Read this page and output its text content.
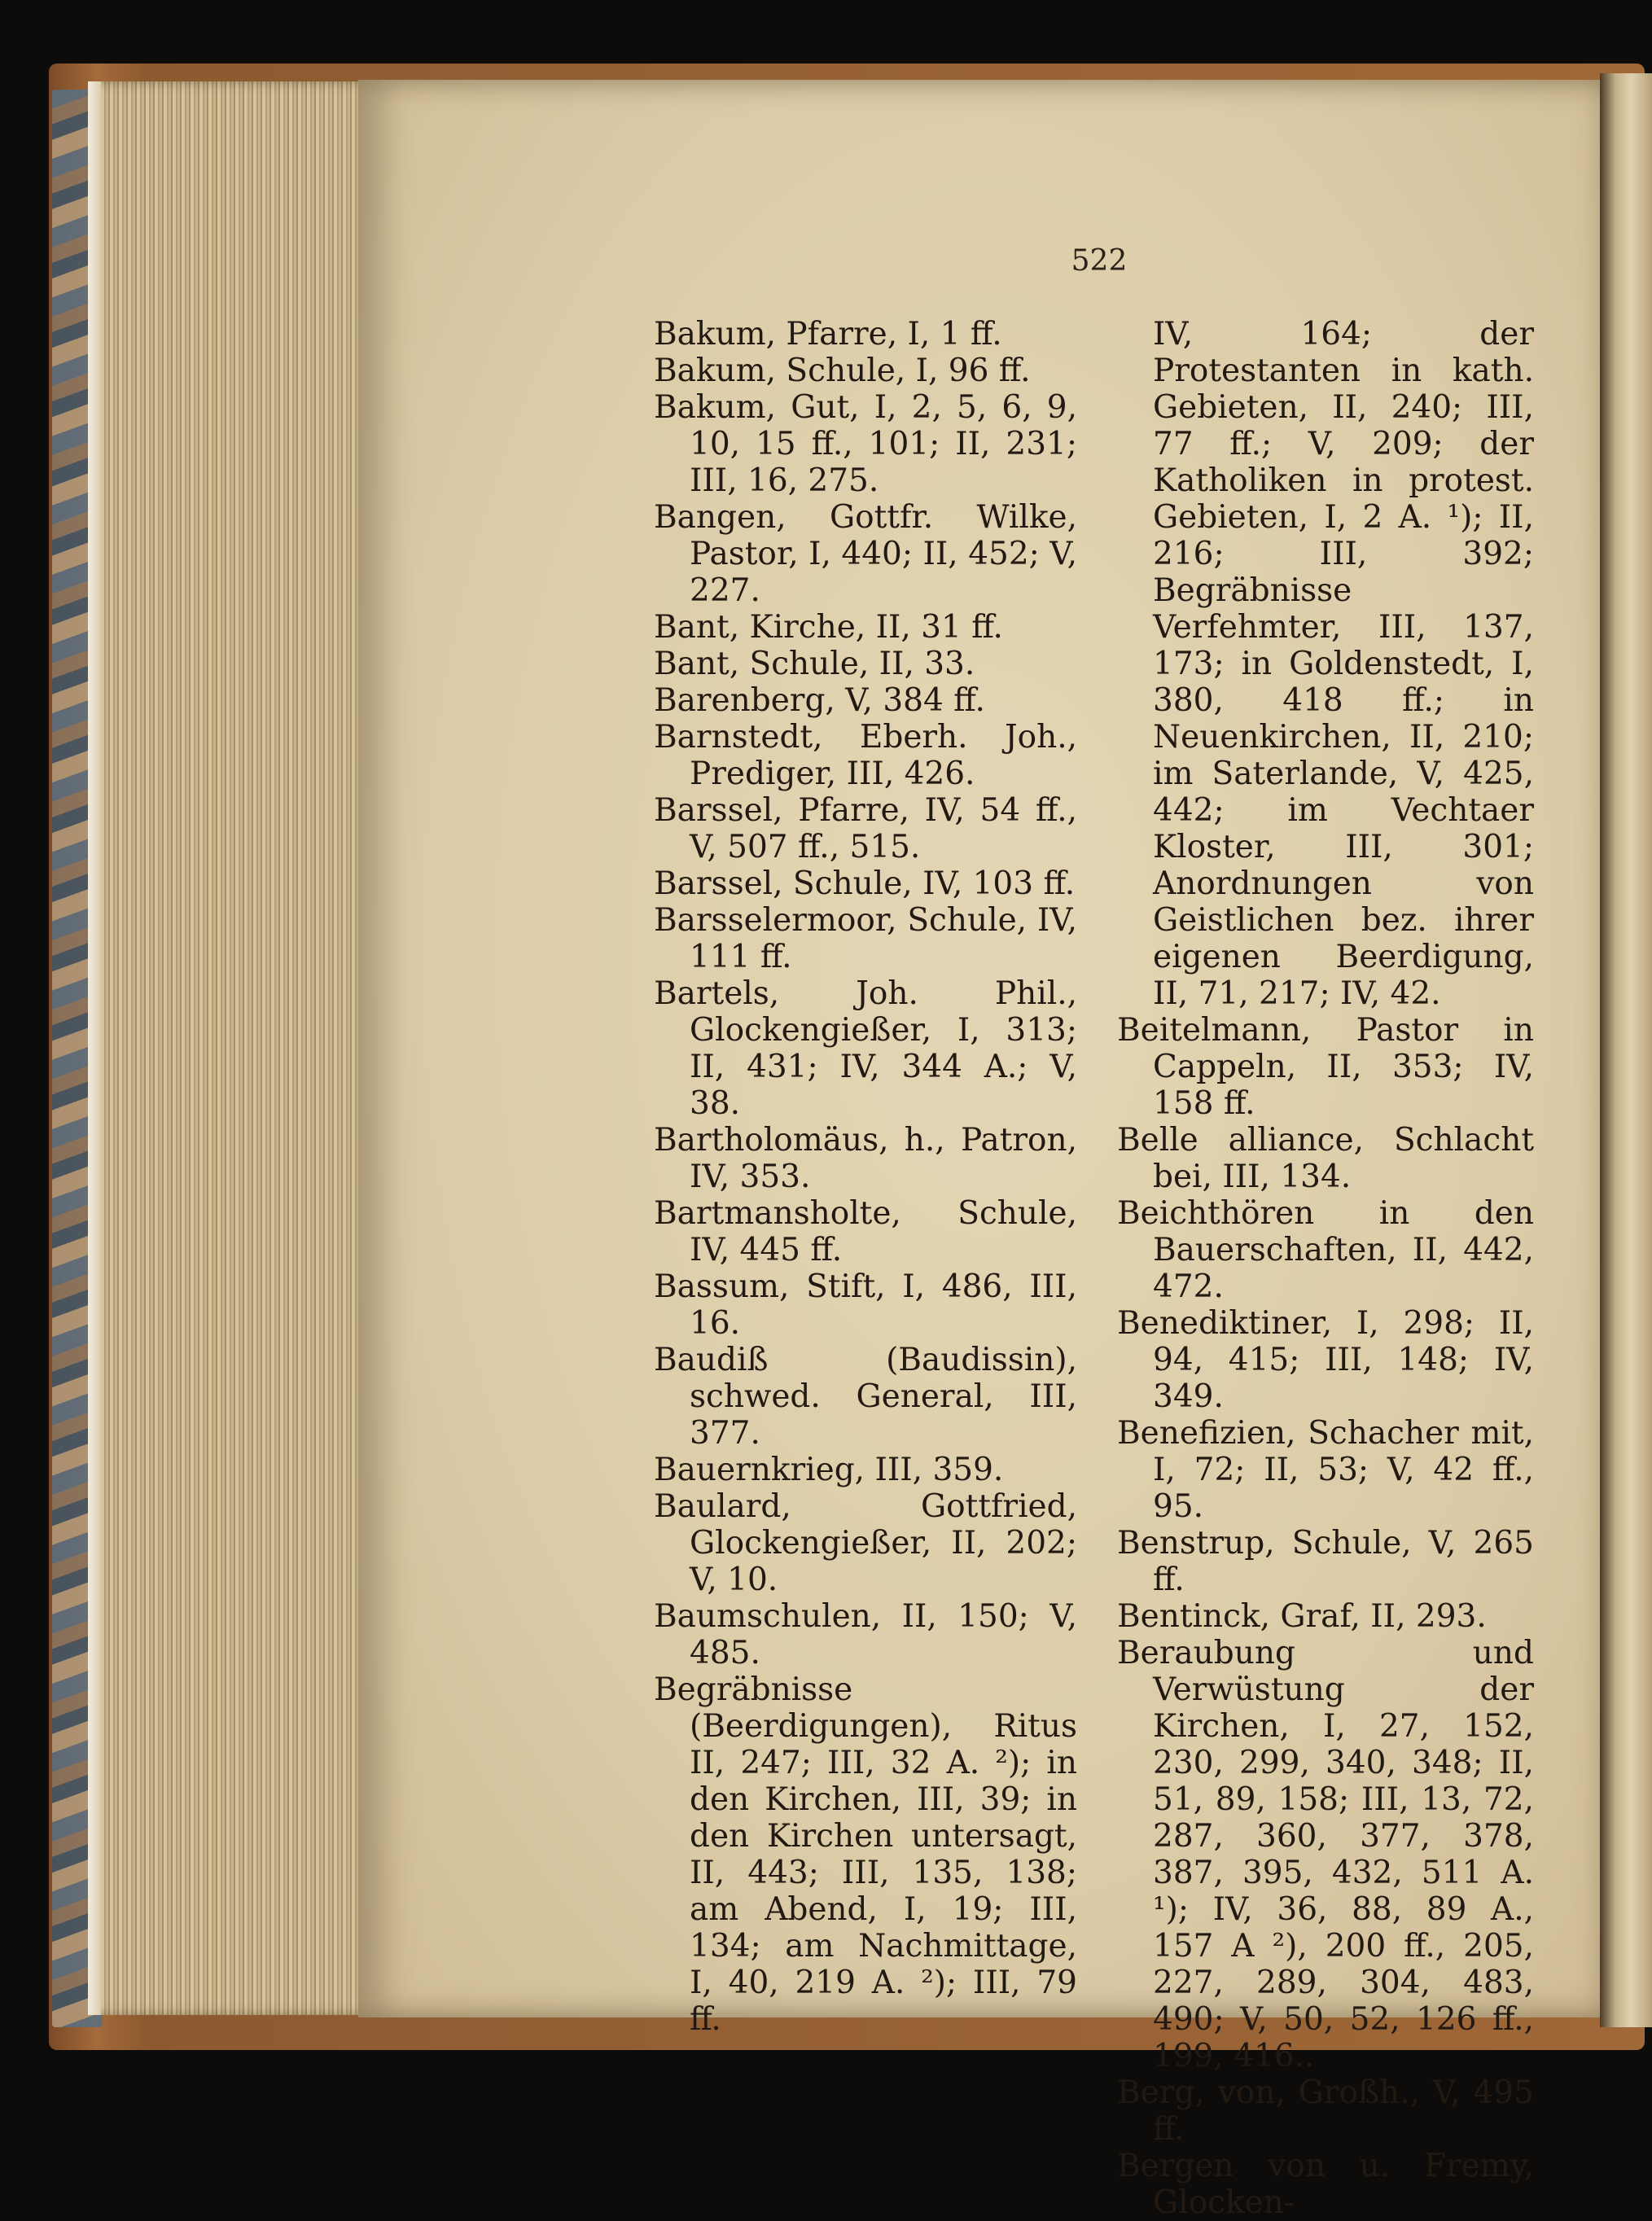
522

Bakum, Pfarre, I, 1 ff.

Bakum, Schule, I, 96 ff.

Bakum, Gut, I, 2, 5, 6, 9, 10, 15 ff., 101; II, 231; III, 16, 275.

Bangen, Gottfr. Wilke, Pastor, I, 440; II, 452; V, 227.

Bant, Kirche, II, 31 ff.

Bant, Schule, II, 33.

Barenberg, V, 384 ff.

Barnstedt, Eberh. Joh., Prediger, III, 426.

Barssel, Pfarre, IV, 54 ff., V, 507 ff., 515.

Barssel, Schule, IV, 103 ff.

Barsselermoor, Schule, IV, 111 ff.

Bartels, Joh. Phil., Glockengießer, I, 313; II, 431; IV, 344 A.; V, 38.

Bartholomäus, h., Patron, IV, 353.

Bartmansholte, Schule, IV, 445 ff.

Bassum, Stift, I, 486, III, 16.

Baudiß (Baudissin), schwed. General, III, 377.

Bauernkrieg, III, 359.

Baulard, Gottfried, Glockengießer, II, 202; V, 10.

Baumschulen, II, 150; V, 485.

Begräbnisse (Beerdigungen), Ritus II, 247; III, 32 A. ²); in den Kirchen, III, 39; in den Kirchen untersagt, II, 443; III, 135, 138; am Abend, I, 19; III, 134; am Nachmittage, I, 40, 219 A. ²); III, 79 ff.

IV, 164; der Protestanten in kath. Gebieten, II, 240; III, 77 ff.; V, 209; der Katholiken in protest. Gebieten, I, 2 A. ¹); II, 216; III, 392; Begräbnisse Verfehmter, III, 137, 173; in Goldenstedt, I, 380, 418 ff.; in Neuenkirchen, II, 210; im Saterlande, V, 425, 442; im Vechtaer Kloster, III, 301; Anordnungen von Geistlichen bez. ihrer eigenen Beerdigung, II, 71, 217; IV, 42.

Beitelmann, Pastor in Cappeln, II, 353; IV, 158 ff.

Belle alliance, Schlacht bei, III, 134.

Beichthören in den Bauerschaften, II, 442, 472.

Benediktiner, I, 298; II, 94, 415; III, 148; IV, 349.

Benefizien, Schacher mit, I, 72; II, 53; V, 42 ff., 95.

Benstrup, Schule, V, 265 ff.

Bentinck, Graf, II, 293.

Beraubung und Verwüstung der Kirchen, I, 27, 152, 230, 299, 340, 348; II, 51, 89, 158; III, 13, 72, 287, 360, 377, 378, 387, 395, 432, 511 A. ¹); IV, 36, 88, 89 A., 157 A ²), 200 ff., 205, 227, 289, 304, 483, 490; V, 50, 52, 126 ff., 199, 416..

Berg, von, Großh., V, 495 ff.

Bergen von u. Fremy, Glocken-
